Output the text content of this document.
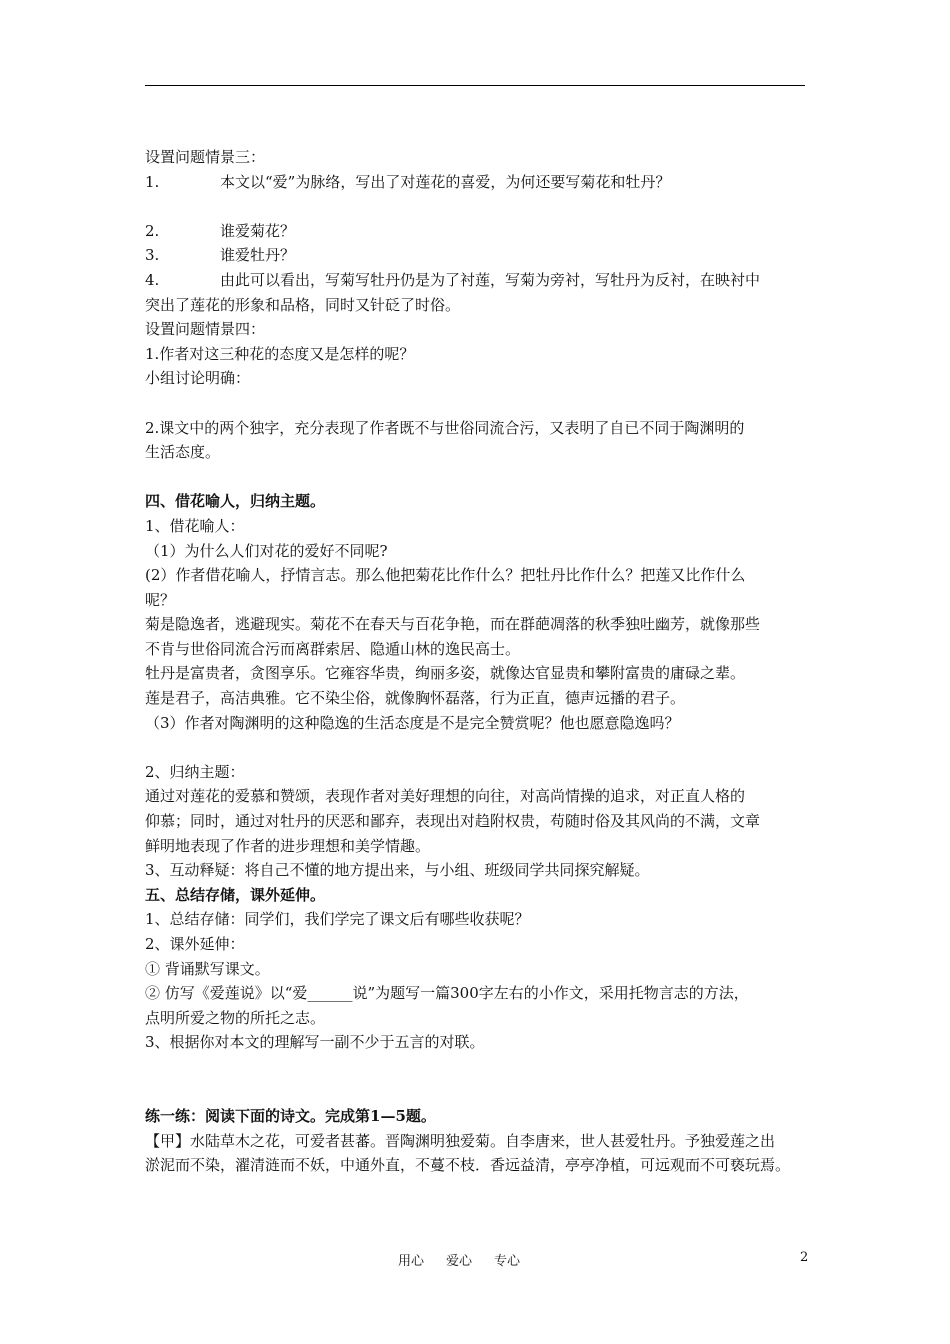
设置问题情景三：
1.	本文以“爱”为脉络，写出了对莲花的喜爱，为何还要写菊花和牡丹？
2.	谁爱菊花？
3.	谁爱牡丹？
4.	由此可以看出，写菊写牡丹仍是为了衬莲，写菊为旁衬，写牡丹为反衬，在映衬中
突出了莲花的形象和品格，同时又针砭了时俗。
设置问题情景四：
1.作者对这三种花的态度又是怎样的呢？
小组讨论明确：
2.课文中的两个独字，充分表现了作者既不与世俗同流合污，又表明了自已不同于陶渊明的
生活态度。
四、借花喻人，归纳主题。
1、借花喻人：
（1）为什么人们对花的爱好不同呢?
(2）作者借花喻人，抒情言志。那么他把菊花比作什么？把牡丹比作什么？把莲又比作什么
呢？
菊是隐逸者，逃避现实。菊花不在春天与百花争艳，而在群葩凋落的秋季独吐幽芳，就像那些
不肯与世俗同流合污而离群索居、隐遁山林的逸民高士。
牡丹是富贵者，贪图享乐。它雍容华贵，绚丽多姿，就像达官显贵和攀附富贵的庸碌之辈。
莲是君子，高洁典雅。它不染尘俗，就像胸怀磊落，行为正直，德声远播的君子。
（3）作者对陶渊明的这种隐逸的生活态度是不是完全赞赏呢？他也愿意隐逸吗？
2、归纳主题：
通过对莲花的爱慕和赞颂，表现作者对美好理想的向往，对高尚情操的追求，对正直人格的
仰慕；同时，通过对牡丹的厌恶和鄙弃，表现出对趋附权贵，苟随时俗及其风尚的不满，文章
鲜明地表现了作者的进步理想和美学情趣。
3、互动释疑：将自己不懂的地方提出来，与小组、班级同学共同探究解疑。
五、总结存储，课外延伸。
1、总结存储：同学们，我们学完了课文后有哪些收获呢？
2、课外延伸：
① 背诵默写课文。
② 仿写《爱莲说》以“爱______说”为题写一篇300字左右的小作文，采用托物言志的方法，
点明所爱之物的所托之志。
3、根据你对本文的理解写一副不少于五言的对联。
练一练：阅读下面的诗文。完成第1—5题。
【甲】水陆草木之花，可爱者甚蕃。晋陶渊明独爱菊。自李唐来，世人甚爱牡丹。予独爱莲之出
淤泥而不染，濯清涟而不妖，中通外直，不蔓不枝．香远益清，亭亭净植，可远观而不可亵玩焉。
用心 爱心 专心	2
